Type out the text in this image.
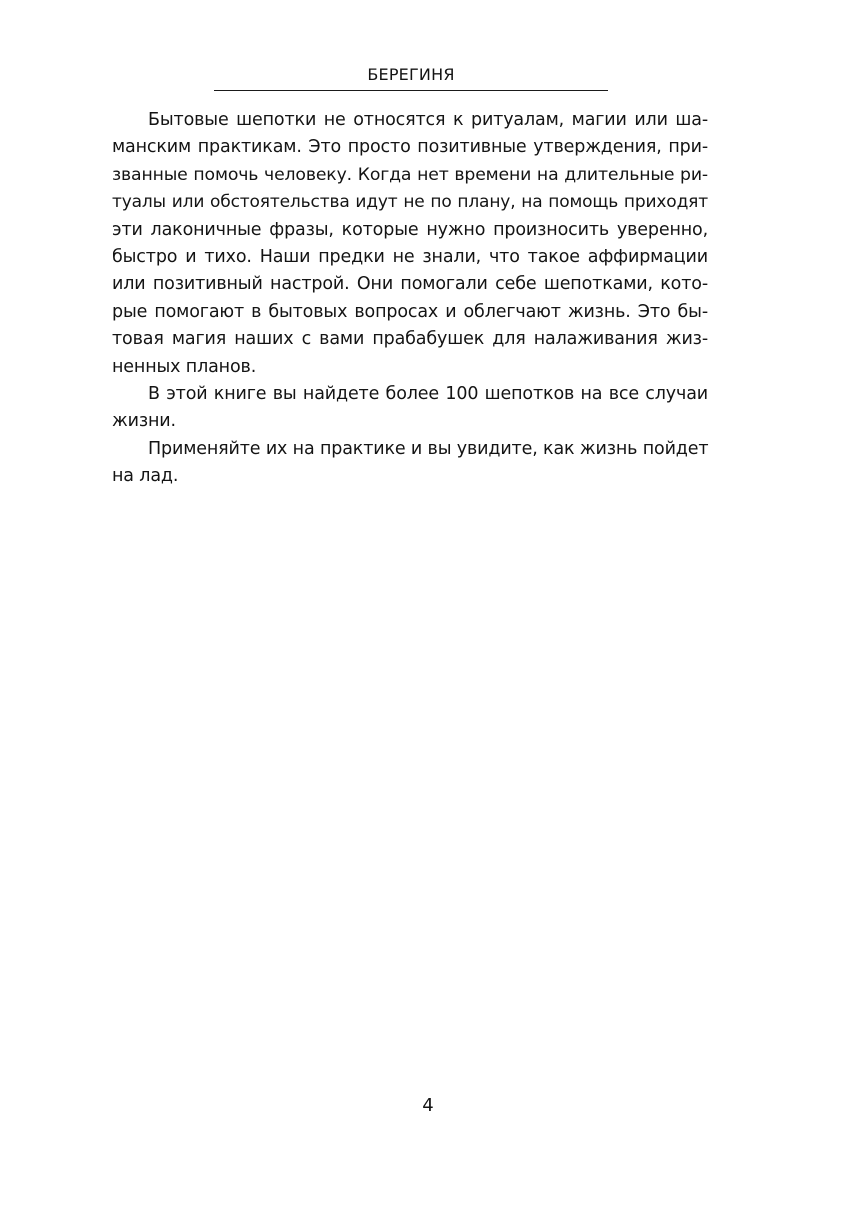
БЕРЕГИНЯ
Бытовые шепотки не относятся к ритуалам, магии или ша-
манским практикам. Это просто позитивные утверждения, при-
званные помочь человеку. Когда нет времени на длительные ри-
туалы или обстоятельства идут не по плану, на помощь приходят
эти лаконичные фразы, которые нужно произносить уверенно,
быстро и тихо. Наши предки не знали, что такое аффирмации
или позитивный настрой. Они помогали себе шепотками, кото-
рые помогают в бытовых вопросах и облегчают жизнь. Это бы-
товая магия наших с вами прабабушек для налаживания жиз-
ненных планов.
В этой книге вы найдете более 100 шепотков на все случаи
жизни.
Применяйте их на практике и вы увидите, как жизнь пойдет
на лад.
4
